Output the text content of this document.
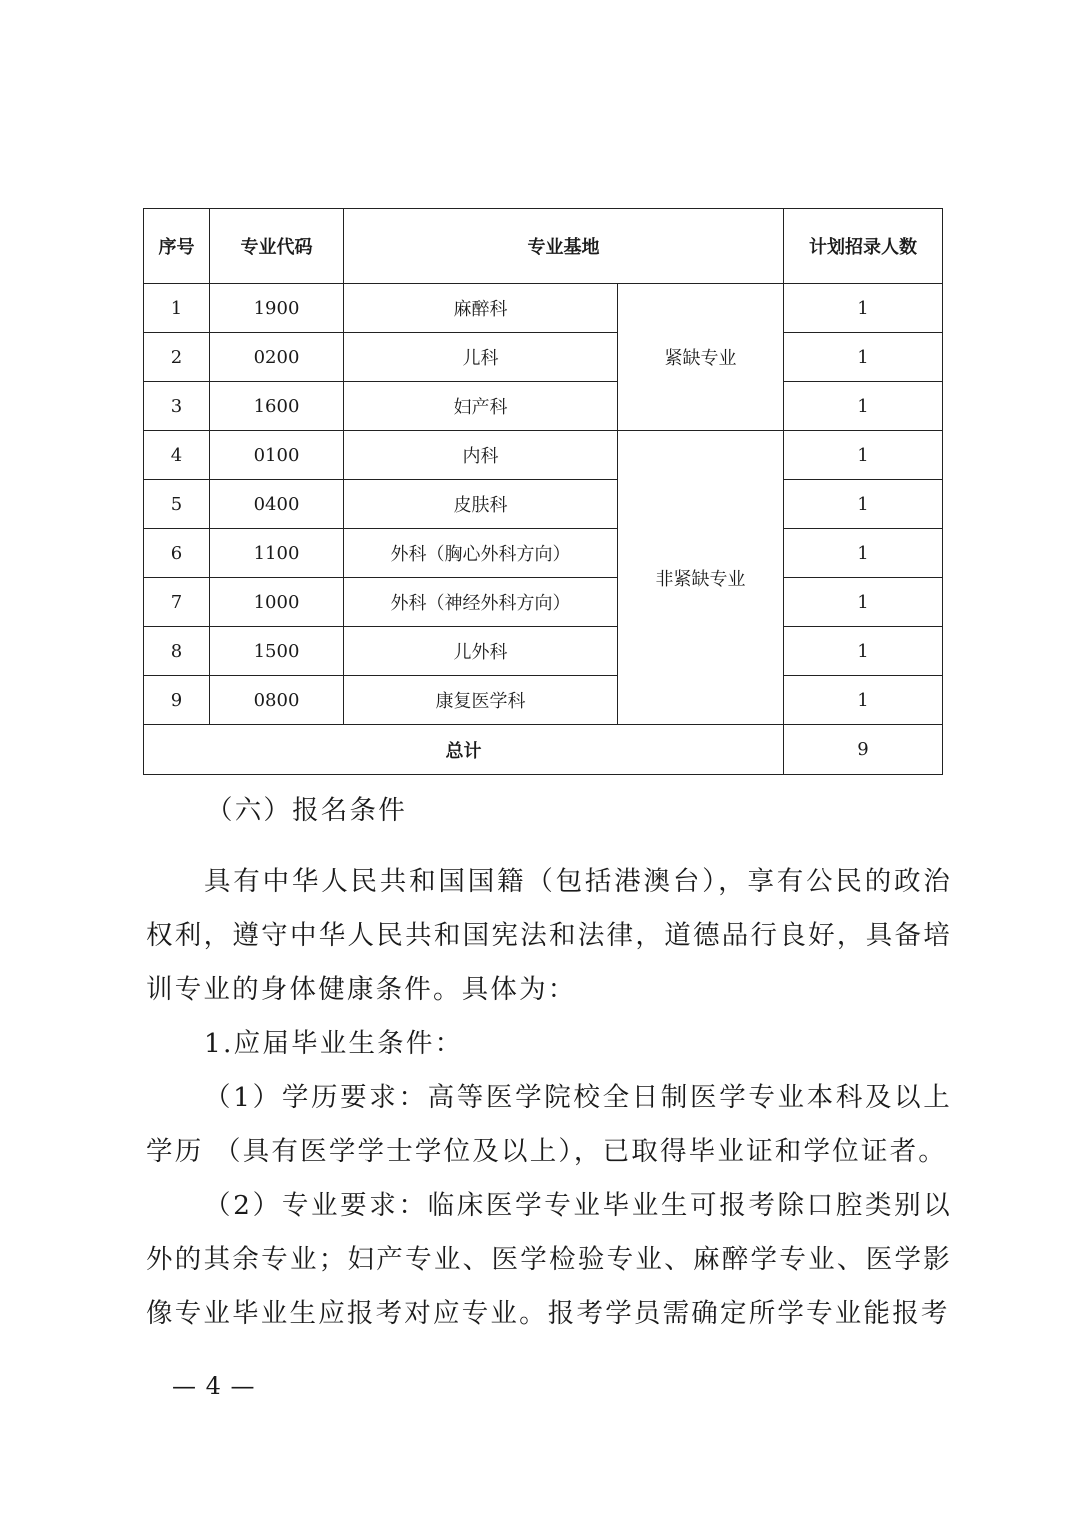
序号	专业代码	专业基地		计划招录人数
1	1900	麻醉科	紧缺专业	1
2	0200	儿科		1
3	1600	妇产科		1
4	0100	内科	非紧缺专业	1
5	0400	皮肤科		1
6	1100	外科（胸心外科方向）		1
7	1000	外科（神经外科方向）		1
8	1500	儿外科		1
9	0800	康复医学科		1
总计				9

（六）报名条件

具有中华人民共和国国籍（包括港澳台），享有公民的政治权利，遵守中华人民共和国宪法和法律，道德品行良好，具备培训专业的身体健康条件。具体为：

1.应届毕业生条件：

（1）学历要求：高等医学院校全日制医学专业本科及以上学历 （具有医学学士学位及以上），已取得毕业证和学位证者。

（2）专业要求：临床医学专业毕业生可报考除口腔类别以外的其余专业；妇产专业、医学检验专业、麻醉学专业、医学影像专业毕业生应报考对应专业。报考学员需确定所学专业能报考

— 4 —
